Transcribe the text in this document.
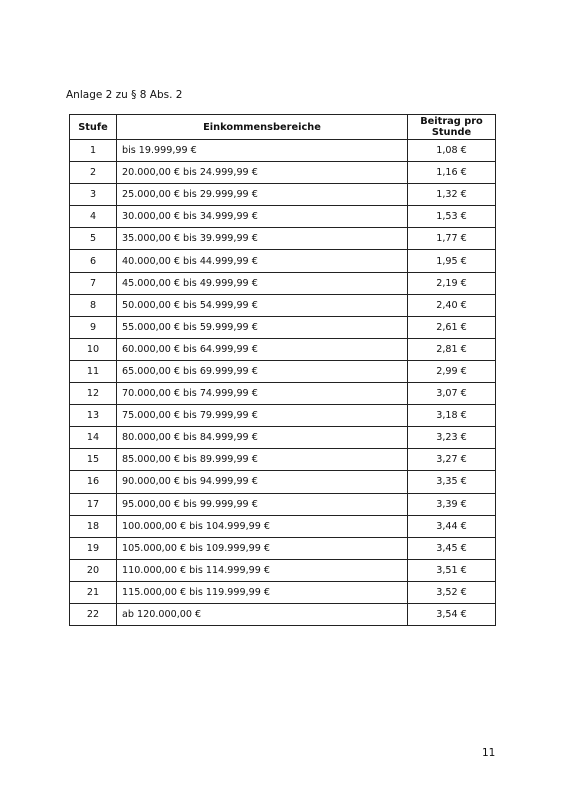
Anlage 2 zu § 8 Abs. 2
Stufe	Einkommensbereiche	Beitrag pro
Stunde
1	bis 19.999,99 €	1,08 €
2	20.000,00 € bis 24.999,99 €	1,16 €
3	25.000,00 € bis 29.999,99 €	1,32 €
4	30.000,00 € bis 34.999,99 €	1,53 €
5	35.000,00 € bis 39.999,99 €	1,77 €
6	40.000,00 € bis 44.999,99 €	1,95 €
7	45.000,00 € bis 49.999,99 €	2,19 €
8	50.000,00 € bis 54.999,99 €	2,40 €
9	55.000,00 € bis 59.999,99 €	2,61 €
10	60.000,00 € bis 64.999,99 €	2,81 €
11	65.000,00 € bis 69.999,99 €	2,99 €
12	70.000,00 € bis 74.999,99 €	3,07 €
13	75.000,00 € bis 79.999,99 €	3,18 €
14	80.000,00 € bis 84.999,99 €	3,23 €
15	85.000,00 € bis 89.999,99 €	3,27 €
16	90.000,00 € bis 94.999,99 €	3,35 €
17	95.000,00 € bis 99.999,99 €	3,39 €
18	100.000,00 € bis 104.999,99 €	3,44 €
19	105.000,00 € bis 109.999,99 €	3,45 €
20	110.000,00 € bis 114.999,99 €	3,51 €
21	115.000,00 € bis 119.999,99 €	3,52 €
22	ab 120.000,00 €	3,54 €
11
